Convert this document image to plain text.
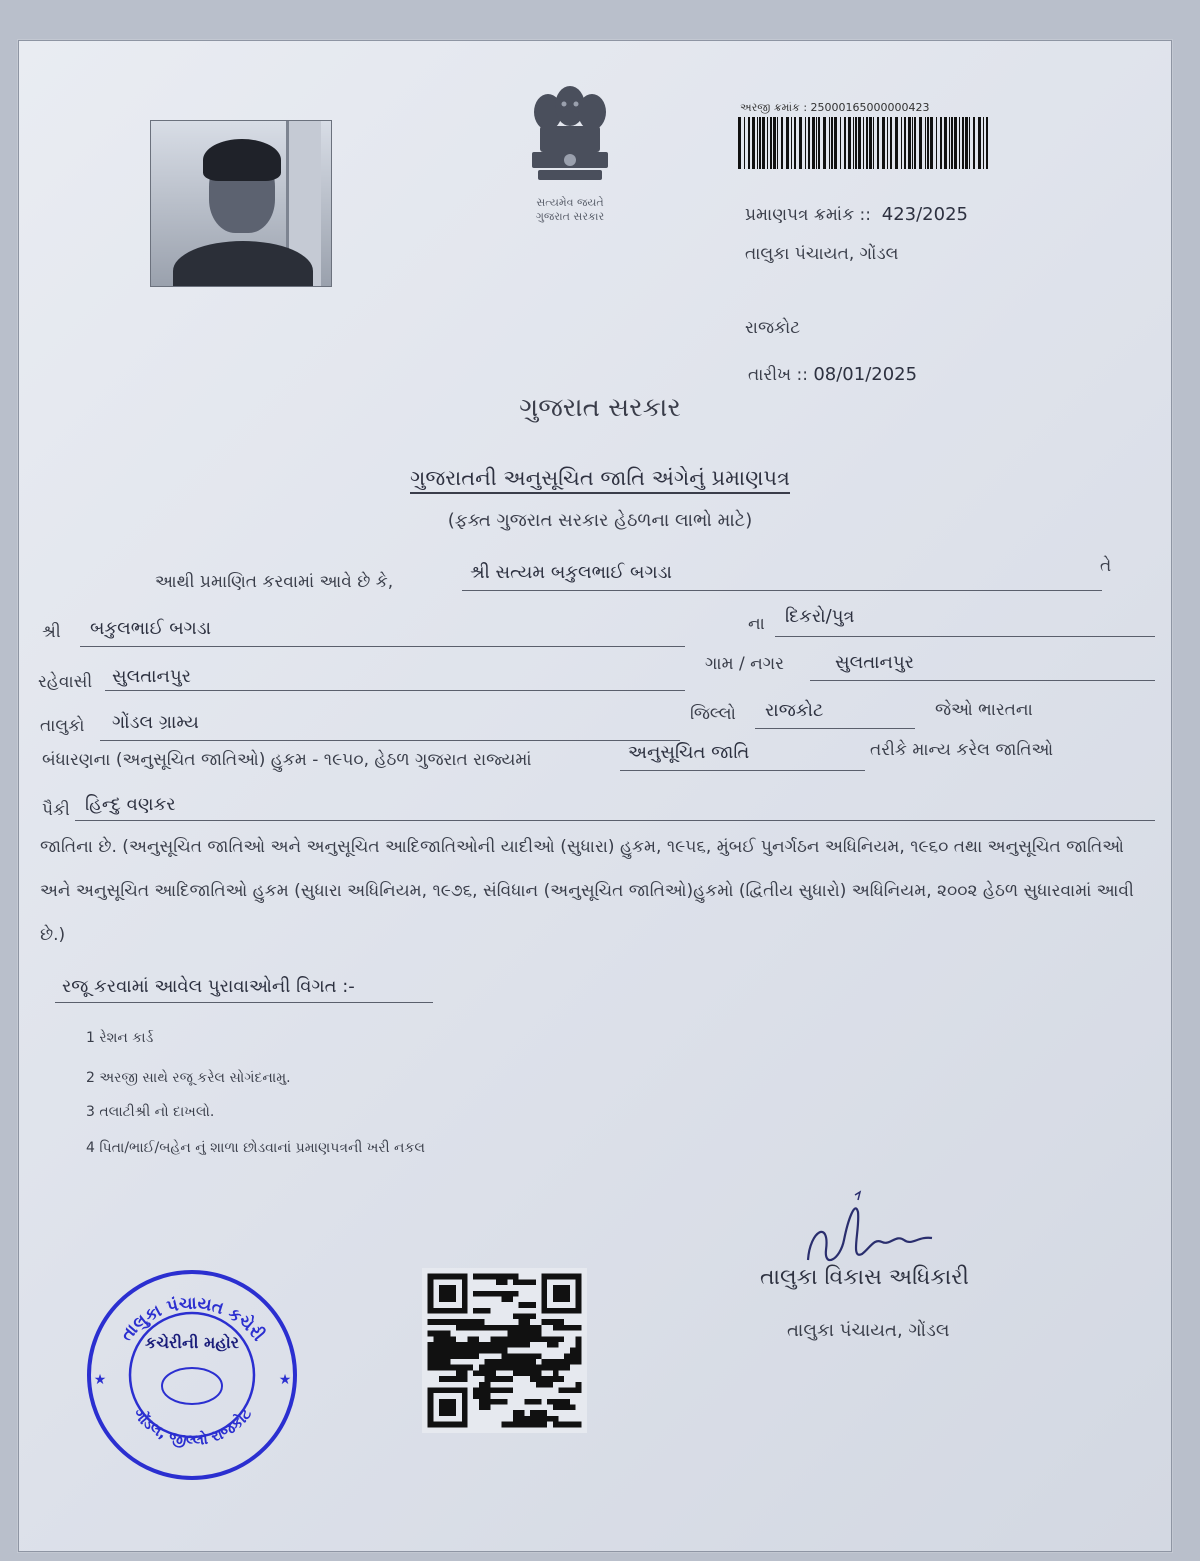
સત્યમેવ જયતે
ગુજરાત સરકાર
અરજી ક્રમાંક : 25000165000000423
પ્રમાણપત્ર ક્રમાંક ::  423/2025
તાલુકા પંચાયત, ગોંડલ
રાજકોટ
તારીખ :: 08/01/2025
ગુજરાત સરકાર
ગુજરાતની અનુસૂચિત જાતિ અંગેનું પ્રમાણપત્ર
(ફક્ત ગુજરાત સરકાર હેઠળના લાભો માટે)
આથી પ્રમાણિત કરવામાં આવે છે કે,	શ્રી સત્યમ બકુલભાઈ બગડા	તે
શ્રી બકુલભાઈ બગડા	ના દિકરો/પુત્ર
રહેવાસી સુલતાનપુર
ગામ / નગર	સુલતાનપુર
તાલુકો ગોંડલ ગ્રામ્ય	જિલ્લો રાજકોટ	જેઓ ભારતના
બંધારણના (અનુસૂચિત જાતિઓ) હુકમ - ૧૯૫૦, હેઠળ ગુજરાત રાજ્યમાં	અનુસૂચિત જાતિ	તરીકે માન્ય કરેલ જાતિઓ
પૈકી હિન્દુ વણકર
જાતિના છે. (અનુસૂચિત જાતિઓ અને અનુસૂચિત આદિજાતિઓની યાદીઓ (સુધારા) હુકમ, ૧૯૫૬, મુંબઈ પુનર્ગઠન અધિનિયમ, ૧૯૬૦ તથા અનુસૂચિત જાતિઓ અને અનુસૂચિત આદિજાતિઓ હુકમ (સુધારા અધિનિયમ, ૧૯૭૬, સંવિધાન (અનુસૂચિત જાતિઓ)હુકમો (દ્વિતીય સુધારો) અધિનિયમ, ૨૦૦૨ હેઠળ સુધારવામાં આવી છે.)
રજૂ કરવામાં આવેલ પુરાવાઓની વિગત :-
1 રેશન કાર્ડ
2 અરજી સાથે રજૂ કરેલ સોગંદનામુ.
3 તલાટીશ્રી નો દાખલો.
4 પિતા/ભાઈ/બહેન નું શાળા છોડવાનાં પ્રમાણપત્રની ખરી નકલ
તાલુકા પંચાયત કચેરી
ગોંડલ, જીલ્લો રાજકોટ
કચેરીની મહોર
★
★
તાલુકા વિકાસ અધિકારી
તાલુકા પંચાયત, ગોંડલ
